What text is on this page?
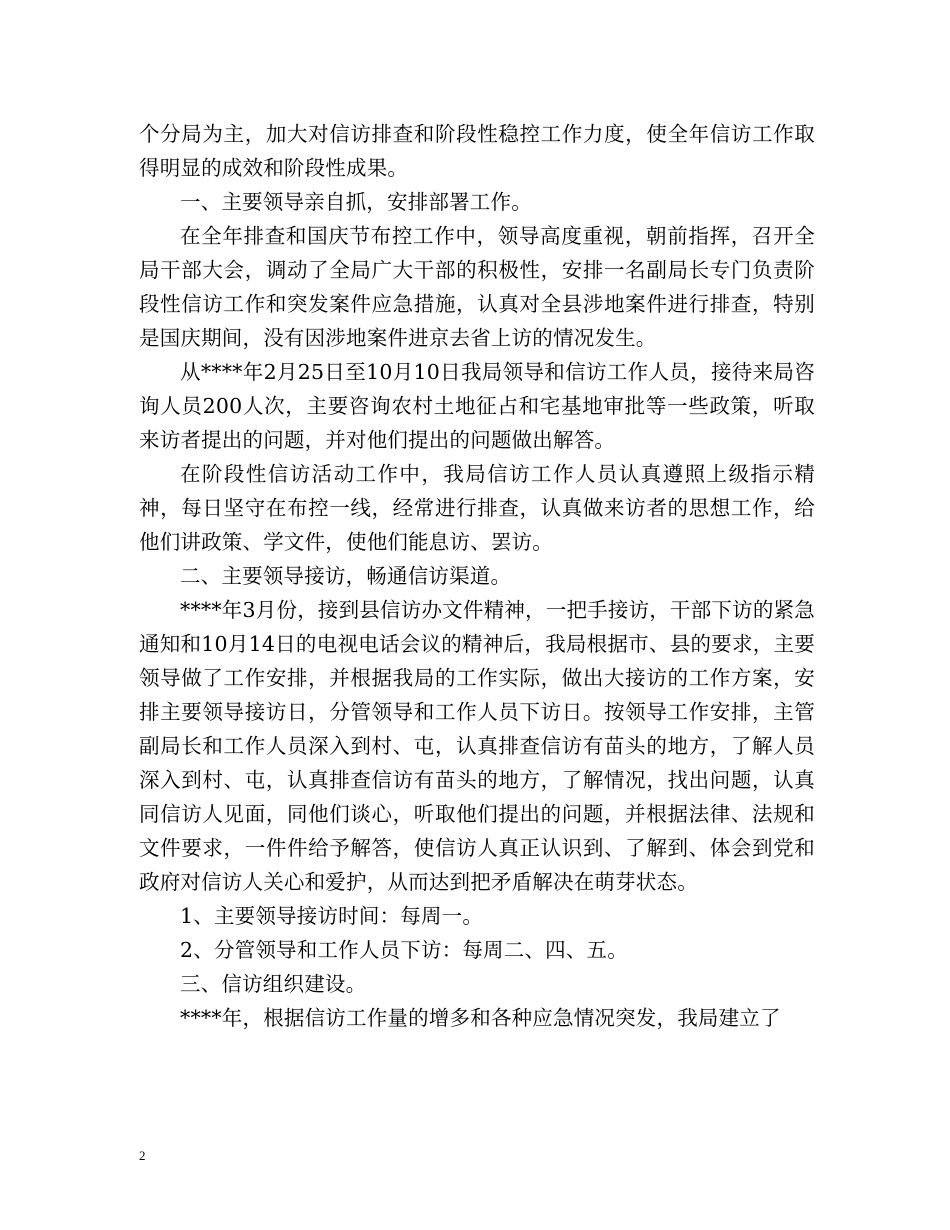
个分局为主，加大对信访排查和阶段性稳控工作力度，使全年信访工作取得明显的成效和阶段性成果。

一、主要领导亲自抓，安排部署工作。

在全年排查和国庆节布控工作中，领导高度重视，朝前指挥，召开全局干部大会，调动了全局广大干部的积极性，安排一名副局长专门负责阶段性信访工作和突发案件应急措施，认真对全县涉地案件进行排查，特别是国庆期间，没有因涉地案件进京去省上访的情况发生。

从****年2月25日至10月10日我局领导和信访工作人员，接待来局咨询人员200人次，主要咨询农村土地征占和宅基地审批等一些政策，听取来访者提出的问题，并对他们提出的问题做出解答。

在阶段性信访活动工作中，我局信访工作人员认真遵照上级指示精神，每日坚守在布控一线，经常进行排查，认真做来访者的思想工作，给他们讲政策、学文件，使他们能息访、罢访。

二、主要领导接访，畅通信访渠道。

****年3月份，接到县信访办文件精神，一把手接访，干部下访的紧急通知和10月14日的电视电话会议的精神后，我局根据市、县的要求，主要领导做了工作安排，并根据我局的工作实际，做出大接访的工作方案，安排主要领导接访日，分管领导和工作人员下访日。按领导工作安排，主管副局长和工作人员深入到村、屯，认真排查信访有苗头的地方，了解人员深入到村、屯，认真排查信访有苗头的地方，了解情况，找出问题，认真同信访人见面，同他们谈心，听取他们提出的问题，并根据法律、法规和文件要求，一件件给予解答，使信访人真正认识到、了解到、体会到党和政府对信访人关心和爱护，从而达到把矛盾解决在萌芽状态。

1、主要领导接访时间：每周一。

2、分管领导和工作人员下访：每周二、四、五。

三、信访组织建设。

****年，根据信访工作量的增多和各种应急情况突发，我局建立了

2
